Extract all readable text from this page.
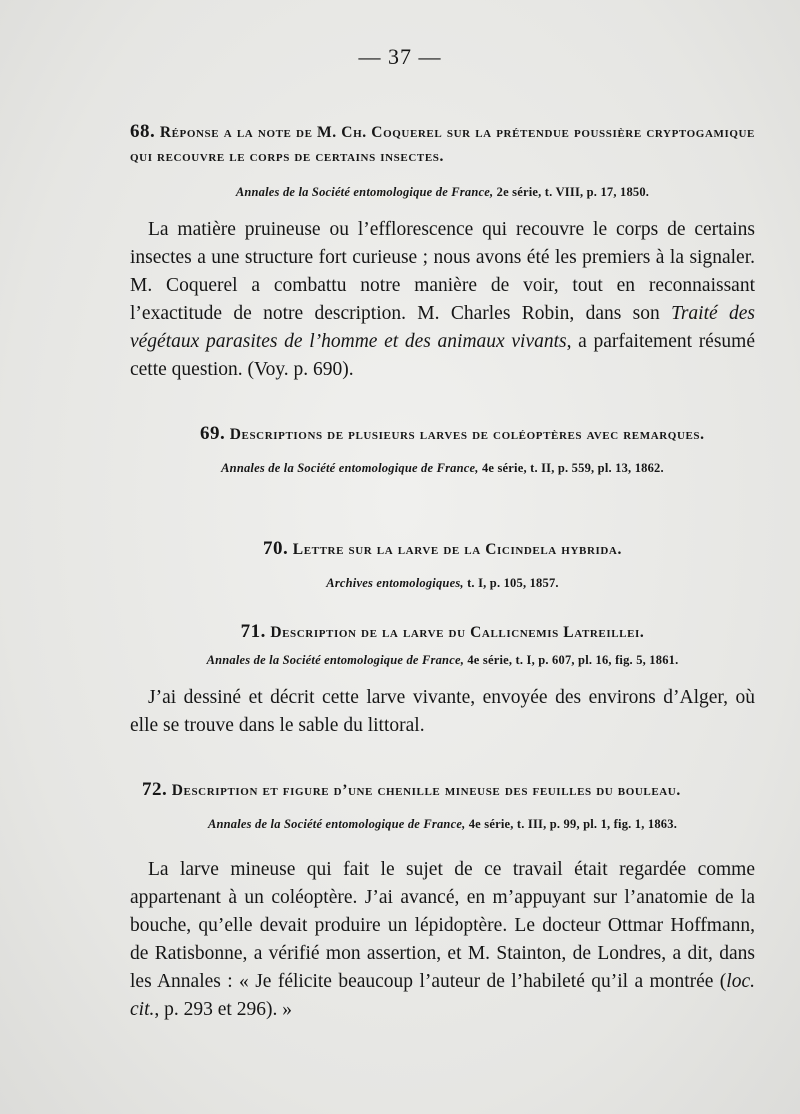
— 37 —
68. Réponse a la note de M. Ch. Coquerel sur la prétendue poussière cryptogamique qui recouvre le corps de certains insectes.
Annales de la Société entomologique de France, 2e série, t. VIII, p. 17, 1850.

La matière pruineuse ou l’efflorescence qui recouvre le corps de certains insectes a une structure fort curieuse ; nous avons été les premiers à la signaler. M. Coquerel a combattu notre manière de voir, tout en reconnaissant l’exactitude de notre description. M. Charles Robin, dans son Traité des végétaux parasites de l’homme et des animaux vivants, a parfaitement résumé cette question. (Voy. p. 690).

69. Descriptions de plusieurs larves de coléoptères avec remarques.
Annales de la Société entomologique de France, 4e série, t. II, p. 559, pl. 13, 1862.
70. Lettre sur la larve de la Cicindela hybrida.
Archives entomologiques, t. I, p. 105, 1857.
71. Description de la larve du Callicnemis Latreillei.
Annales de la Société entomologique de France, 4e série, t. I, p. 607, pl. 16, fig. 5, 1861.

J’ai dessiné et décrit cette larve vivante, envoyée des environs d’Alger, où elle se trouve dans le sable du littoral.

72. Description et figure d’une chenille mineuse des feuilles du bouleau.
Annales de la Société entomologique de France, 4e série, t. III, p. 99, pl. 1, fig. 1, 1863.

La larve mineuse qui fait le sujet de ce travail était regardée comme appartenant à un coléoptère. J’ai avancé, en m’appuyant sur l’anatomie de la bouche, qu’elle devait produire un lépidoptère. Le docteur Ottmar Hoffmann, de Ratisbonne, a vérifié mon assertion, et M. Stainton, de Londres, a dit, dans les Annales : « Je félicite beaucoup l’auteur de l’habileté qu’il a montrée (loc. cit., p. 293 et 296). »
